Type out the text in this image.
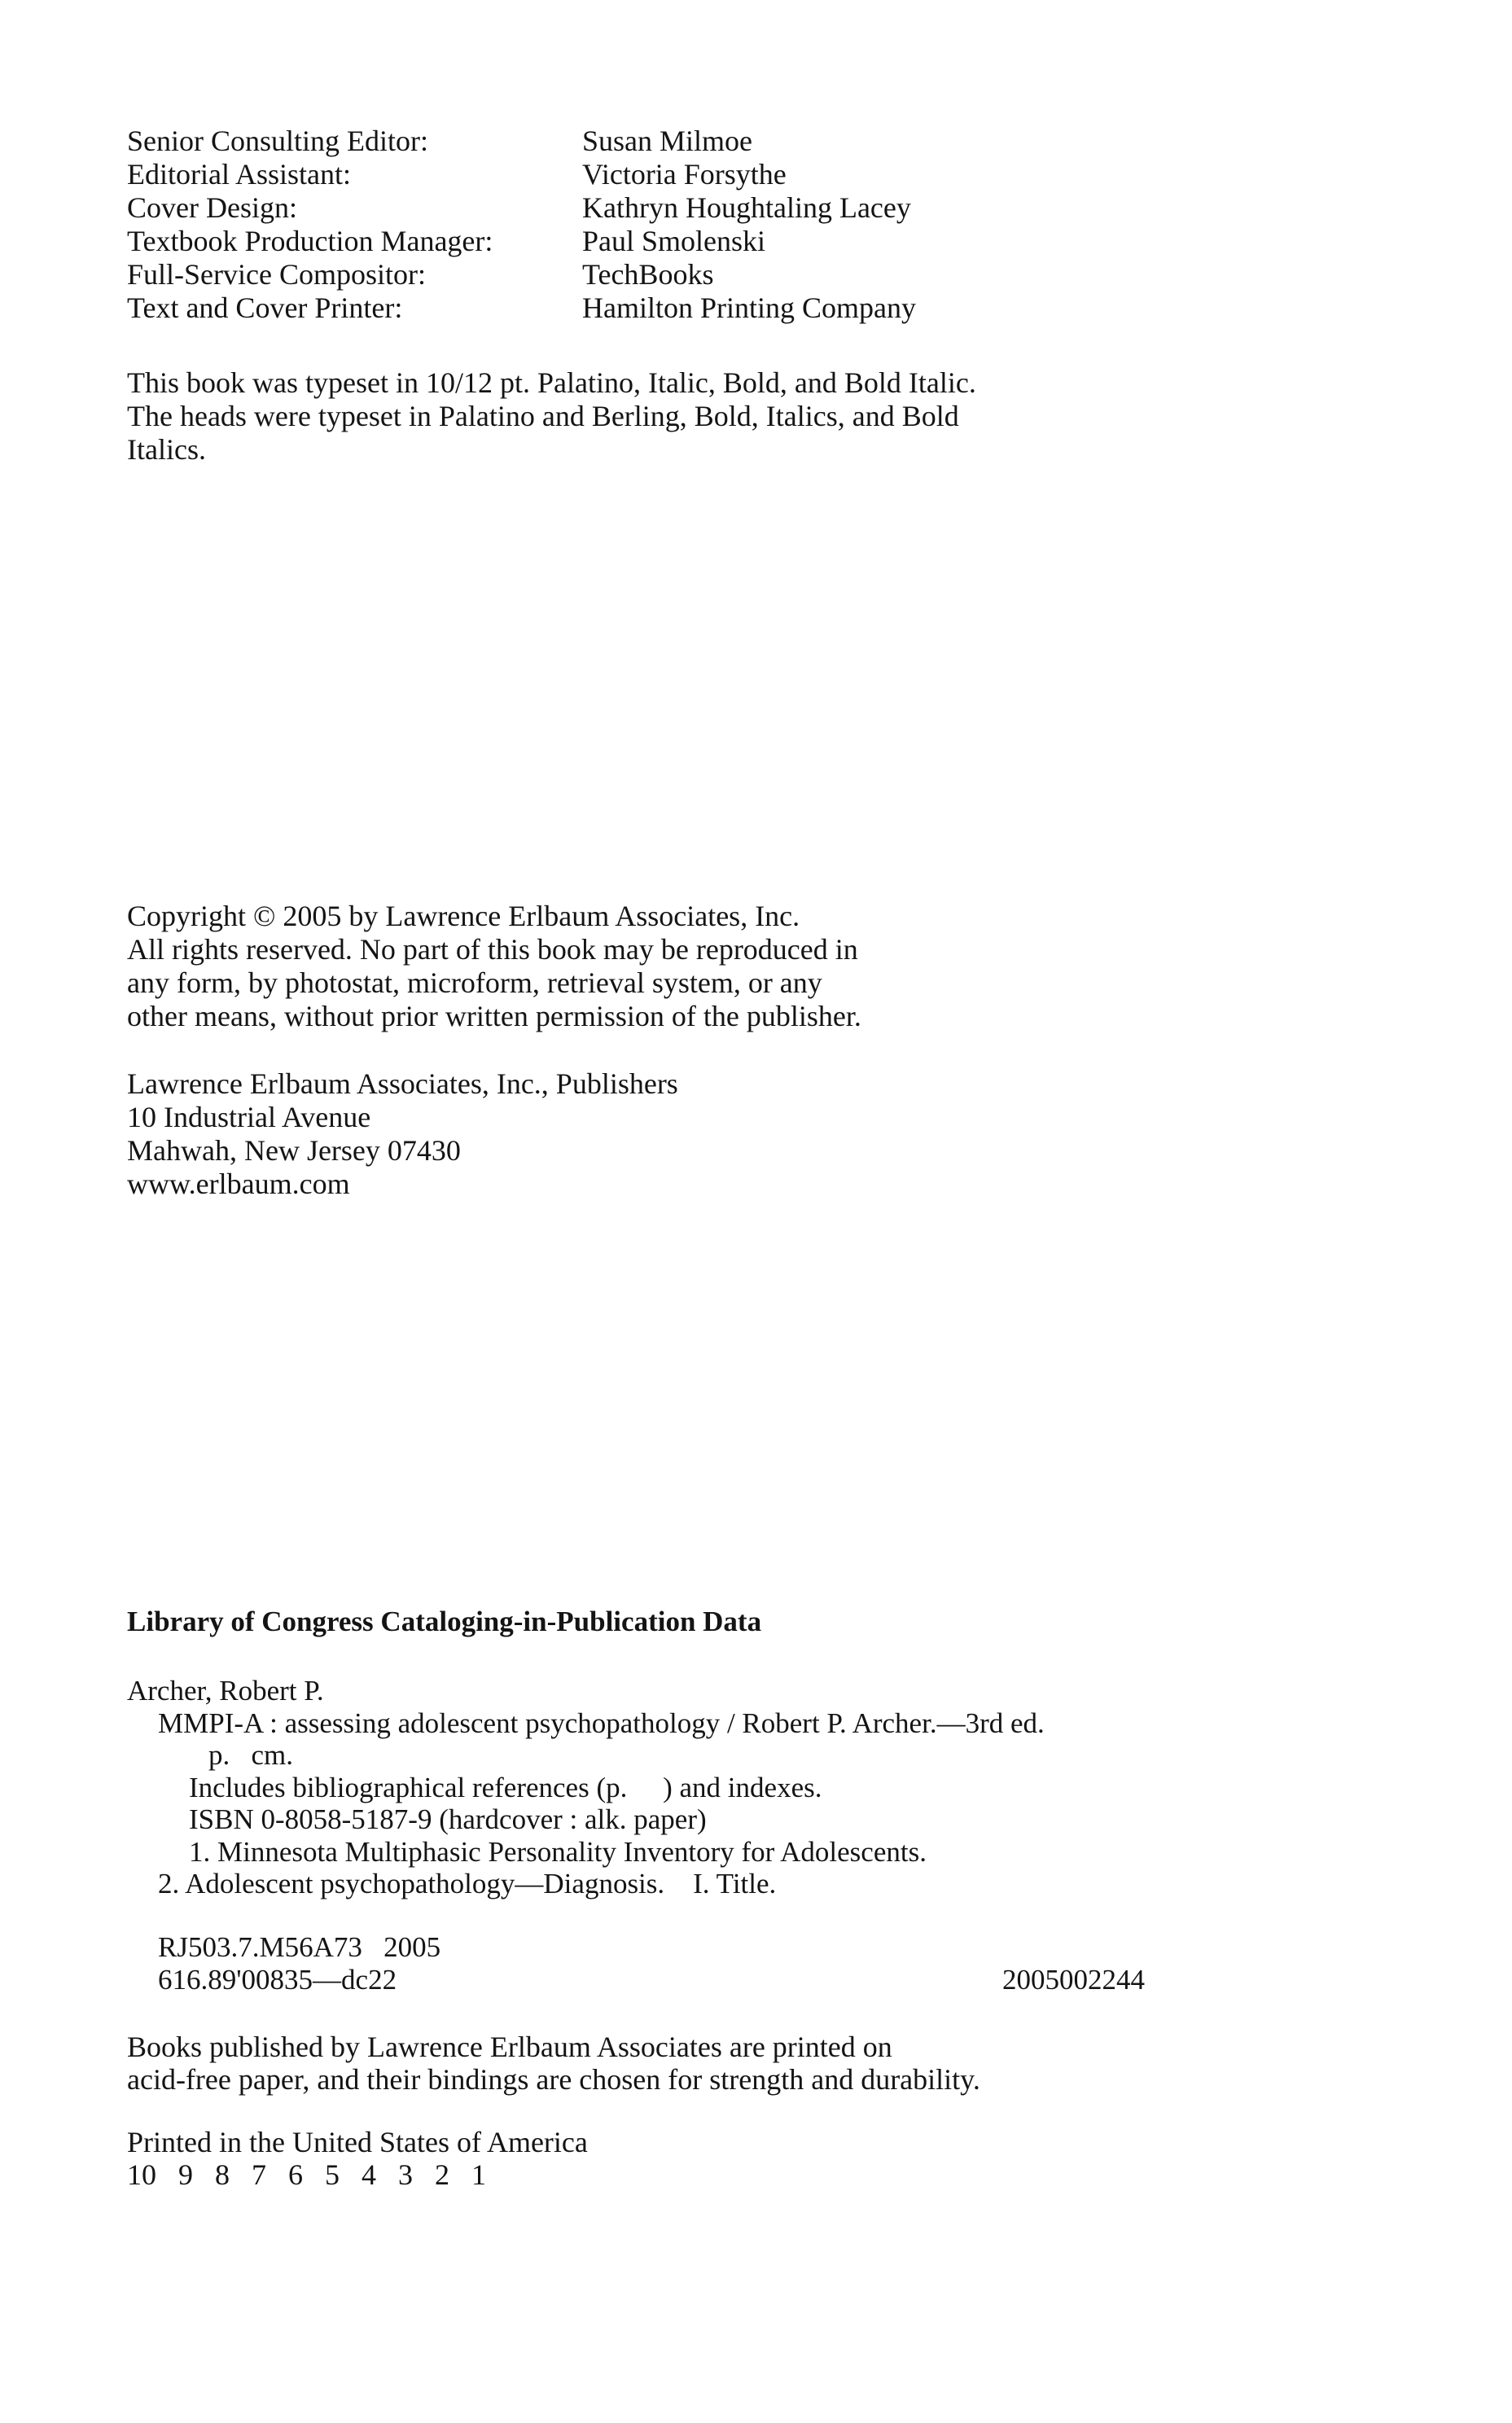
Senior Consulting Editor:	Susan Milmoe
Editorial Assistant:	Victoria Forsythe
Cover Design:	Kathryn Houghtaling Lacey
Textbook Production Manager:	Paul Smolenski
Full-Service Compositor:	TechBooks
Text and Cover Printer:	Hamilton Printing Company
This book was typeset in 10/12 pt. Palatino, Italic, Bold, and Bold Italic.
The heads were typeset in Palatino and Berling, Bold, Italics, and Bold
Italics.
Copyright © 2005 by Lawrence Erlbaum Associates, Inc.
All rights reserved. No part of this book may be reproduced in
any form, by photostat, microform, retrieval system, or any
other means, without prior written permission of the publisher.
Lawrence Erlbaum Associates, Inc., Publishers
10 Industrial Avenue
Mahwah, New Jersey 07430
www.erlbaum.com
Library of Congress Cataloging-in-Publication Data
Archer, Robert P.
MMPI-A : assessing adolescent psychopathology / Robert P. Archer.—3rd ed.
p.   cm.
Includes bibliographical references (p.     ) and indexes.
ISBN 0-8058-5187-9 (hardcover : alk. paper)
1. Minnesota Multiphasic Personality Inventory for Adolescents.
2. Adolescent psychopathology—Diagnosis.    I. Title.
RJ503.7.M56A73   2005
616.89'00835—dc22	2005002244
Books published by Lawrence Erlbaum Associates are printed on
acid-free paper, and their bindings are chosen for strength and durability.
Printed in the United States of America
10 9 8 7 6 5 4 3 2 1
